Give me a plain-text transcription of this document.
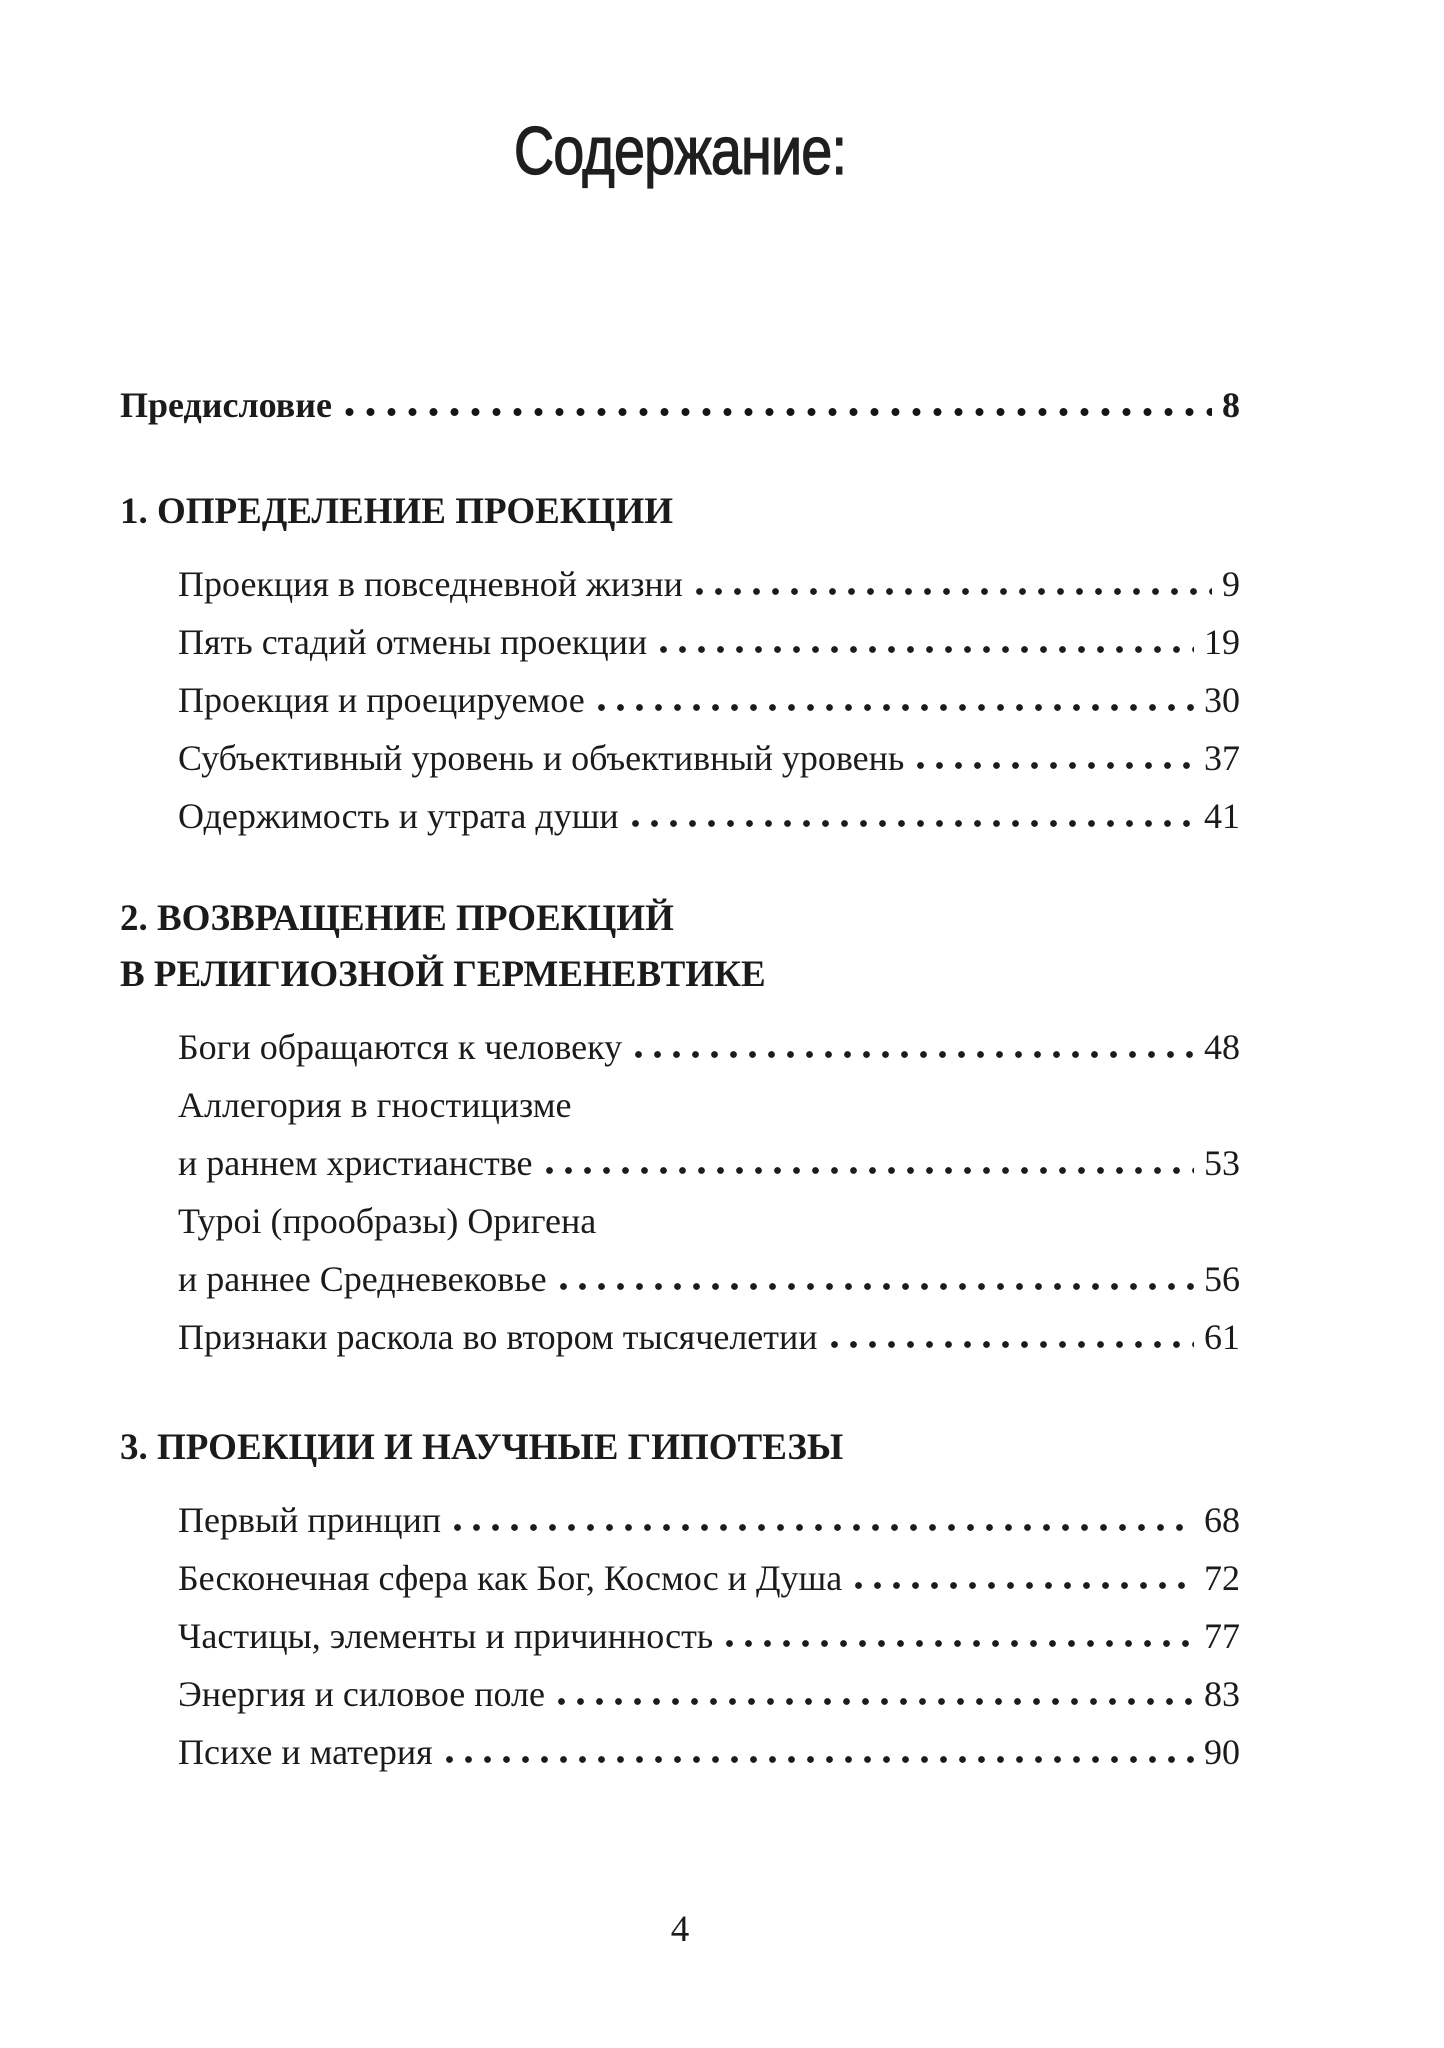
Содержание:
Предисловие	8
1. ОПРЕДЕЛЕНИЕ ПРОЕКЦИИ
Проекция в повседневной жизни	9
Пять стадий отмены проекции	19
Проекция и проецируемое	30
Субъективный уровень и объективный уровень	37
Одержимость и утрата души	41
2. ВОЗВРАЩЕНИЕ ПРОЕКЦИЙ
В РЕЛИГИОЗНОЙ ГЕРМЕНЕВТИКЕ
Боги обращаются к человеку	48
Аллегория в гностицизме
и раннем христианстве	53
Typoi (прообразы) Оригена
и раннее Средневековье	56
Признаки раскола во втором тысячелетии	61
3. ПРОЕКЦИИ И НАУЧНЫЕ ГИПОТЕЗЫ
Первый принцип	68
Бесконечная сфера как Бог, Космос и Душа	72
Частицы, элементы и причинность	77
Энергия и силовое поле	83
Психе и материя	90
4
